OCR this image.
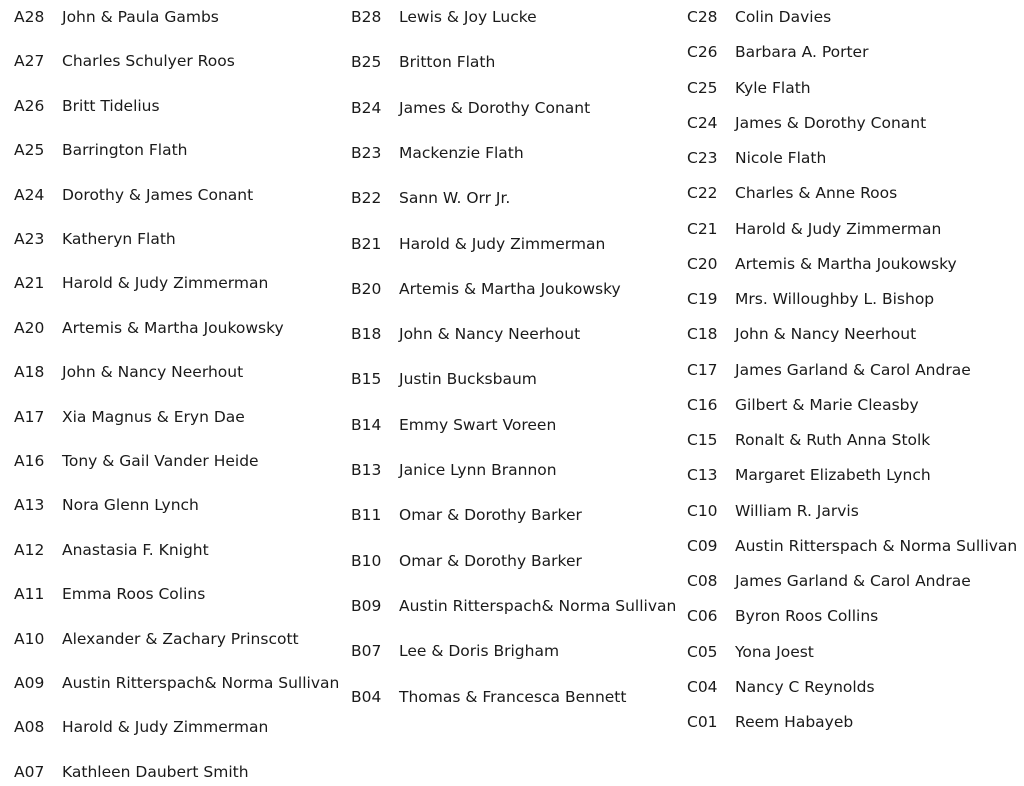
A28 John & Paula Gambs
A27 Charles Schulyer Roos
A26 Britt Tidelius
A25 Barrington Flath
A24 Dorothy & James Conant
A23 Katheryn Flath
A21 Harold & Judy Zimmerman
A20 Artemis & Martha Joukowsky
A18 John & Nancy Neerhout
A17 Xia Magnus & Eryn Dae
A16 Tony & Gail Vander Heide
A13 Nora Glenn Lynch
A12 Anastasia F. Knight
A11 Emma Roos Colins
A10 Alexander & Zachary Prinscott
A09 Austin Ritterspach& Norma Sullivan
A08 Harold & Judy Zimmerman
A07 Kathleen Daubert Smith
B28 Lewis & Joy Lucke
B25 Britton Flath
B24 James & Dorothy Conant
B23 Mackenzie Flath
B22 Sann W. Orr Jr.
B21 Harold & Judy Zimmerman
B20 Artemis & Martha Joukowsky
B18 John & Nancy Neerhout
B15 Justin Bucksbaum
B14 Emmy Swart Voreen
B13 Janice Lynn Brannon
B11 Omar & Dorothy Barker
B10 Omar & Dorothy Barker
B09 Austin Ritterspach& Norma Sullivan
B07 Lee & Doris Brigham
B04 Thomas & Francesca Bennett
C28 Colin Davies
C26 Barbara A. Porter
C25 Kyle Flath
C24 James & Dorothy Conant
C23 Nicole Flath
C22 Charles & Anne Roos
C21 Harold & Judy Zimmerman
C20 Artemis & Martha Joukowsky
C19 Mrs. Willoughby L. Bishop
C18 John & Nancy Neerhout
C17 James Garland & Carol Andrae
C16 Gilbert & Marie Cleasby
C15 Ronalt & Ruth Anna Stolk
C13 Margaret Elizabeth Lynch
C10 William R. Jarvis
C09 Austin Ritterspach & Norma Sullivan
C08 James Garland & Carol Andrae
C06 Byron Roos Collins
C05 Yona Joest
C04 Nancy C Reynolds
C01 Reem Habayeb
